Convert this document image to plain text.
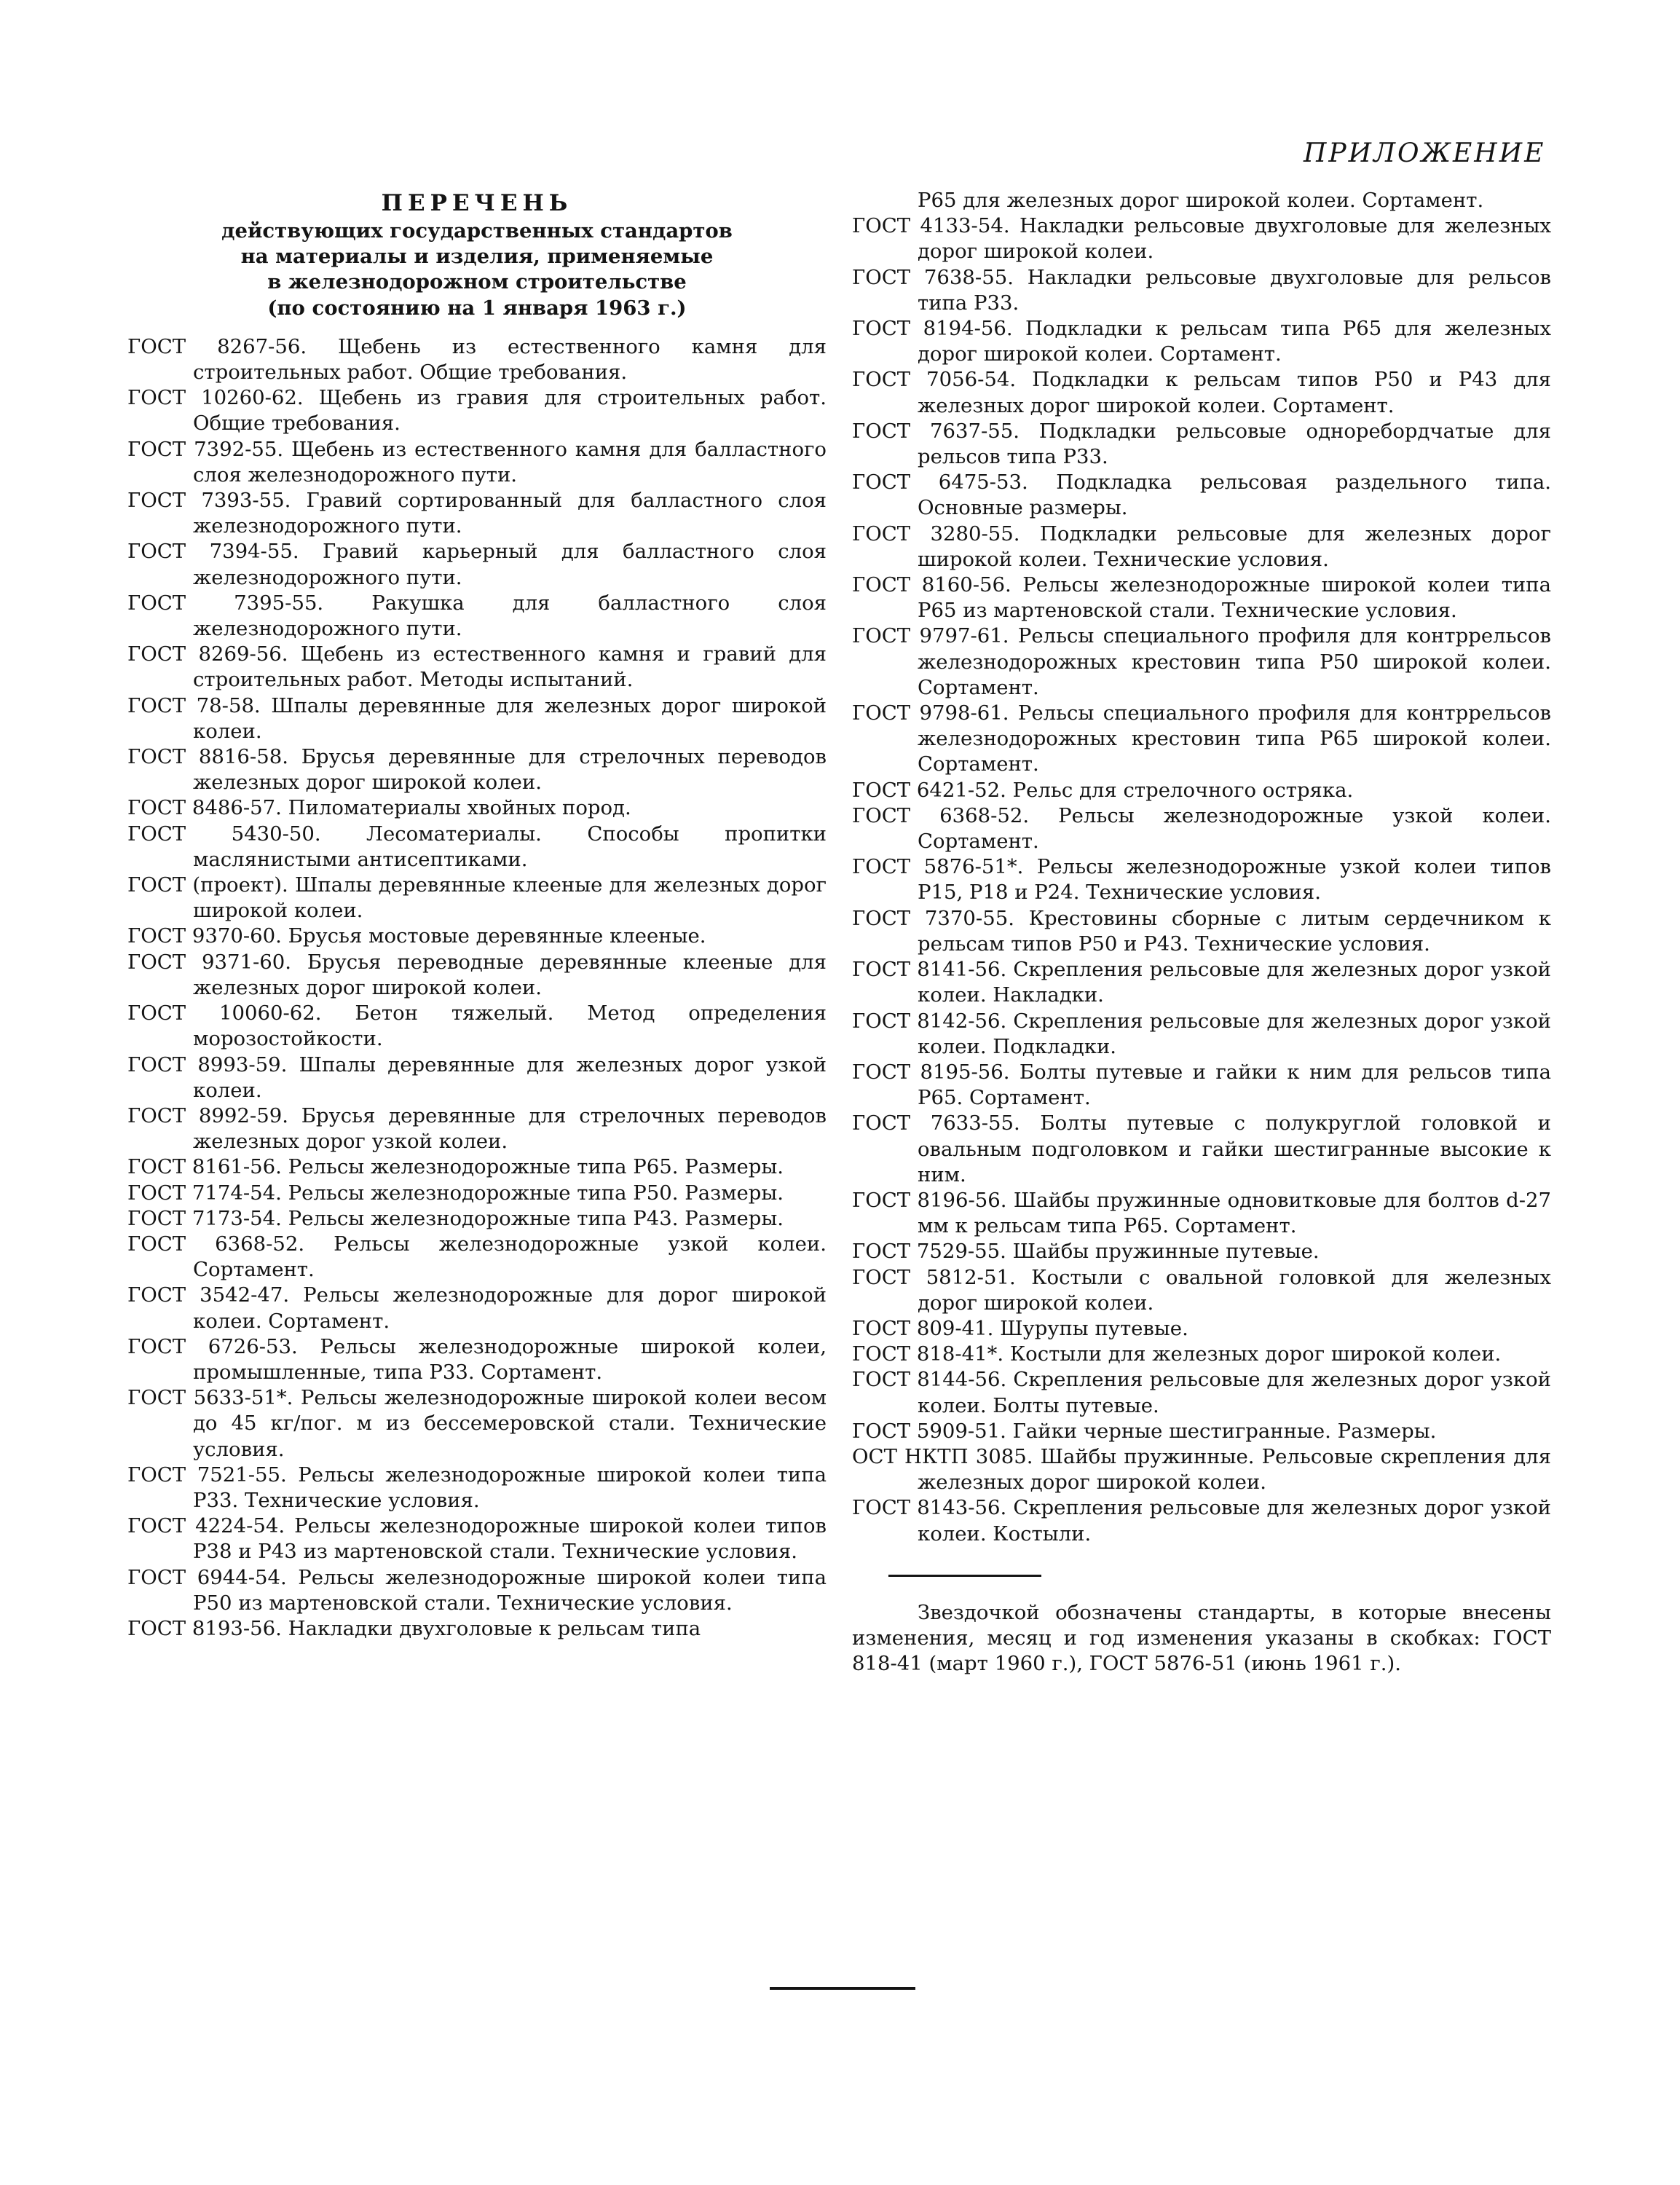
ПРИЛОЖЕНИЕ
ПЕРЕЧЕНЬ
действующих государственных стандартов
на материалы и изделия, применяемые
в железнодорожном строительстве
(по состоянию на 1 января 1963 г.)
ГОСТ 8267-56. Щебень из естественного камня для строительных работ. Общие требования.
ГОСТ 10260-62. Щебень из гравия для строительных работ. Общие требования.
ГОСТ 7392-55. Щебень из естественного камня для балластного слоя железнодорожного пути.
ГОСТ 7393-55. Гравий сортированный для балластного слоя железнодорожного пути.
ГОСТ 7394-55. Гравий карьерный для балластного слоя железнодорожного пути.
ГОСТ 7395-55. Ракушка для балластного слоя железнодорожного пути.
ГОСТ 8269-56. Щебень из естественного камня и гравий для строительных работ. Методы испытаний.
ГОСТ 78-58. Шпалы деревянные для железных дорог широкой колеи.
ГОСТ 8816-58. Брусья деревянные для стрелочных переводов железных дорог широкой колеи.
ГОСТ 8486-57. Пиломатериалы хвойных пород.
ГОСТ 5430-50. Лесоматериалы. Способы пропитки маслянистыми антисептиками.
ГОСТ (проект). Шпалы деревянные клееные для железных дорог широкой колеи.
ГОСТ 9370-60. Брусья мостовые деревянные клееные.
ГОСТ 9371-60. Брусья переводные деревянные клееные для железных дорог широкой колеи.
ГОСТ 10060-62. Бетон тяжелый. Метод определения морозостойкости.
ГОСТ 8993-59. Шпалы деревянные для железных дорог узкой колеи.
ГОСТ 8992-59. Брусья деревянные для стрелочных переводов железных дорог узкой колеи.
ГОСТ 8161-56. Рельсы железнодорожные типа Р65. Размеры.
ГОСТ 7174-54. Рельсы железнодорожные типа Р50. Размеры.
ГОСТ 7173-54. Рельсы железнодорожные типа Р43. Размеры.
ГОСТ 6368-52. Рельсы железнодорожные узкой колеи. Сортамент.
ГОСТ 3542-47. Рельсы железнодорожные для дорог широкой колеи. Сортамент.
ГОСТ 6726-53. Рельсы железнодорожные широкой колеи, промышленные, типа Р33. Сортамент.
ГОСТ 5633-51*. Рельсы железнодорожные широкой колеи весом до 45 кг/пог. м из бессемеровской стали. Технические условия.
ГОСТ 7521-55. Рельсы железнодорожные широкой колеи типа Р33. Технические условия.
ГОСТ 4224-54. Рельсы железнодорожные широкой колеи типов Р38 и Р43 из мартеновской стали. Технические условия.
ГОСТ 6944-54. Рельсы железнодорожные широкой колеи типа Р50 из мартеновской стали. Технические условия.
ГОСТ 8193-56. Накладки двухголовые к рельсам типа
Р65 для железных дорог широкой колеи. Сортамент.
ГОСТ 4133-54. Накладки рельсовые двухголовые для железных дорог широкой колеи.
ГОСТ 7638-55. Накладки рельсовые двухголовые для рельсов типа Р33.
ГОСТ 8194-56. Подкладки к рельсам типа Р65 для железных дорог широкой колеи. Сортамент.
ГОСТ 7056-54. Подкладки к рельсам типов Р50 и Р43 для железных дорог широкой колеи. Сортамент.
ГОСТ 7637-55. Подкладки рельсовые одноребордчатые для рельсов типа Р33.
ГОСТ 6475-53. Подкладка рельсовая раздельного типа. Основные размеры.
ГОСТ 3280-55. Подкладки рельсовые для железных дорог широкой колеи. Технические условия.
ГОСТ 8160-56. Рельсы железнодорожные широкой колеи типа Р65 из мартеновской стали. Технические условия.
ГОСТ 9797-61. Рельсы специального профиля для контррельсов железнодорожных крестовин типа Р50 широкой колеи. Сортамент.
ГОСТ 9798-61. Рельсы специального профиля для контррельсов железнодорожных крестовин типа Р65 широкой колеи. Сортамент.
ГОСТ 6421-52. Рельс для стрелочного остряка.
ГОСТ 6368-52. Рельсы железнодорожные узкой колеи. Сортамент.
ГОСТ 5876-51*. Рельсы железнодорожные узкой колеи типов Р15, Р18 и Р24. Технические условия.
ГОСТ 7370-55. Крестовины сборные с литым сердечником к рельсам типов Р50 и Р43. Технические условия.
ГОСТ 8141-56. Скрепления рельсовые для железных дорог узкой колеи. Накладки.
ГОСТ 8142-56. Скрепления рельсовые для железных дорог узкой колеи. Подкладки.
ГОСТ 8195-56. Болты путевые и гайки к ним для рельсов типа Р65. Сортамент.
ГОСТ 7633-55. Болты путевые с полукруглой головкой и овальным подголовком и гайки шестигранные высокие к ним.
ГОСТ 8196-56. Шайбы пружинные одновитковые для болтов d-27 мм к рельсам типа Р65. Сортамент.
ГОСТ 7529-55. Шайбы пружинные путевые.
ГОСТ 5812-51. Костыли с овальной головкой для железных дорог широкой колеи.
ГОСТ 809-41. Шурупы путевые.
ГОСТ 818-41*. Костыли для железных дорог широкой колеи.
ГОСТ 8144-56. Скрепления рельсовые для железных дорог узкой колеи. Болты путевые.
ГОСТ 5909-51. Гайки черные шестигранные. Размеры.
ОСТ НКТП 3085. Шайбы пружинные. Рельсовые скрепления для железных дорог широкой колеи.
ГОСТ 8143-56. Скрепления рельсовые для железных дорог узкой колеи. Костыли.
Звездочкой обозначены стандарты, в которые внесены изменения, месяц и год изменения указаны в скобках: ГОСТ 818-41 (март 1960 г.), ГОСТ 5876-51 (июнь 1961 г.).
